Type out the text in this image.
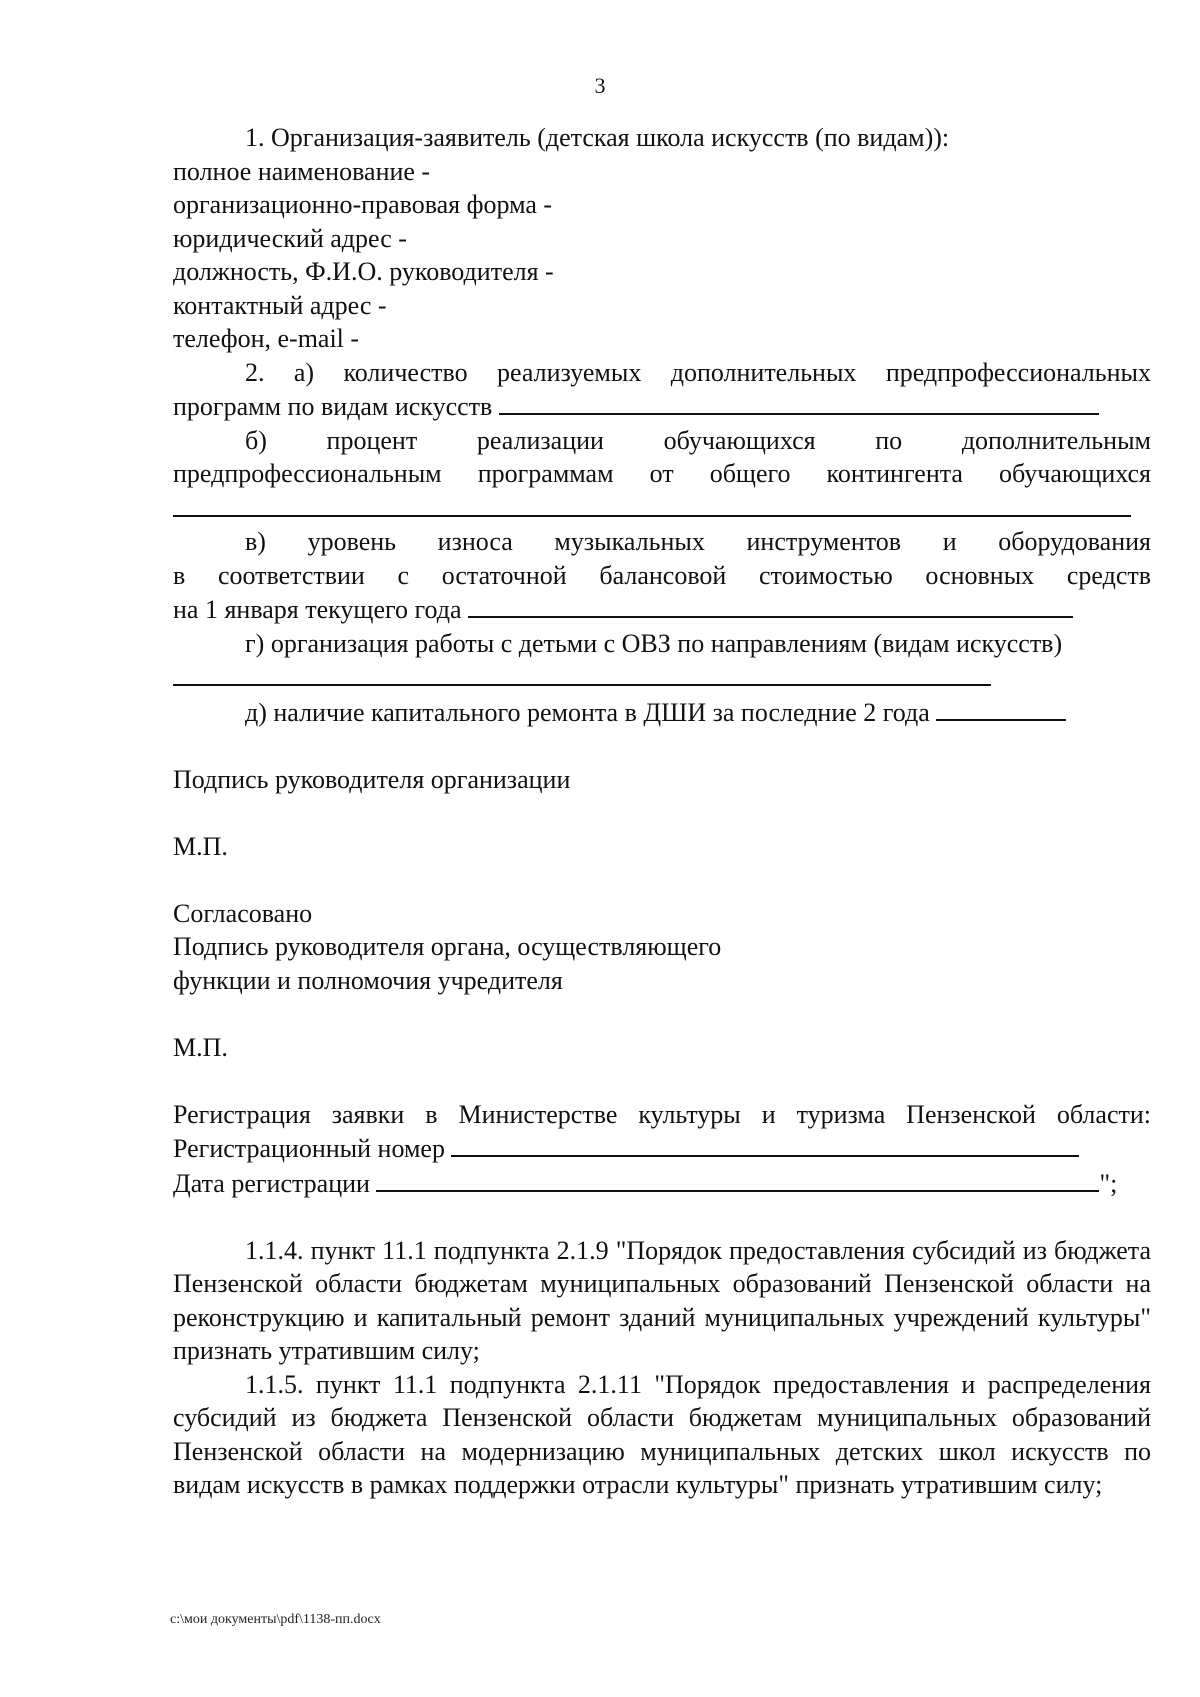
3

1. Организация-заявитель (детская школа искусств (по видам)):

полное наименование -

организационно-правовая форма -

юридический адрес -

должность, Ф.И.О. руководителя -

контактный адрес -

телефон, e-mail -

2. а) количество реализуемых дополнительных предпрофессиональных

программ по видам искусств

б) процент реализации обучающихся по дополнительным

предпрофессиональным программам от общего контингента обучающихся

в) уровень износа музыкальных инструментов и оборудования

в соответствии с остаточной балансовой стоимостью основных средств

на 1 января текущего года

г) организация работы с детьми с ОВЗ по направлениям (видам искусств)

д) наличие капитального ремонта в ДШИ за последние 2 года

Подпись руководителя организации

М.П.

Согласовано

Подпись руководителя органа, осуществляющего

функции и полномочия учредителя

М.П.

Регистрация заявки в Министерстве культуры и туризма Пензенской области:

Регистрационный номер

Дата регистрации	";

1.1.4. пункт 11.1 подпункта 2.1.9 "Порядок предоставления субсидий из бюджета Пензенской области бюджетам муниципальных образований Пензенской области на реконструкцию и капитальный ремонт зданий муниципальных учреждений культуры" признать утратившим силу;

1.1.5. пункт 11.1 подпункта 2.1.11 "Порядок предоставления и распределения субсидий из бюджета Пензенской области бюджетам муниципальных образований Пензенской области на модернизацию муниципальных детских школ искусств по видам искусств в рамках поддержки отрасли культуры" признать утратившим силу;

c:\мои документы\pdf\1138-пп.docx
